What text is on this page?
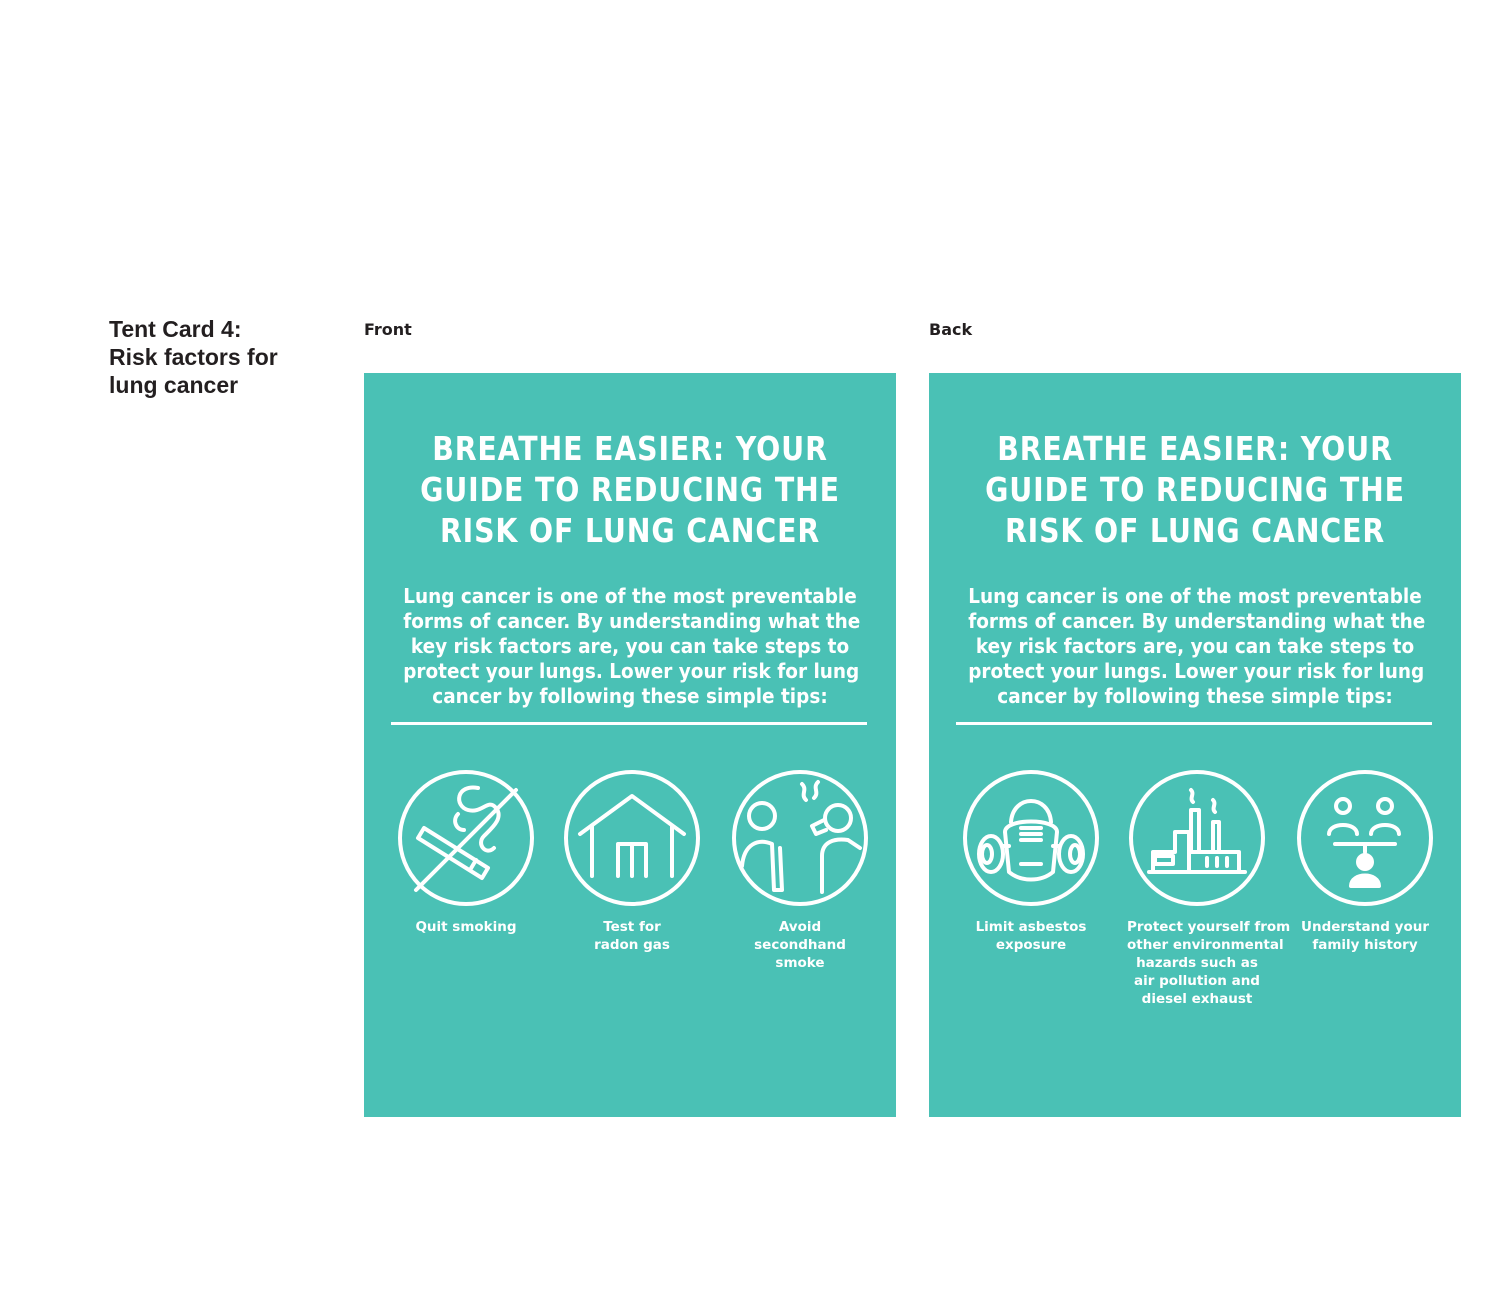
Tent Card 4:
Risk factors for
lung cancer
Front	Back
BREATHE EASIER: YOUR
GUIDE TO REDUCING THE
RISK OF LUNG CANCER

Lung cancer is one of the most preventable
forms of cancer. By understanding what the
key risk factors are, you can take steps to
protect your lungs. Lower your risk for lung
cancer by following these simple tips:

Quit smoking	Test for
radon gas
Avoid
secondhand
smoke
BREATHE EASIER: YOUR
GUIDE TO REDUCING THE
RISK OF LUNG CANCER

Lung cancer is one of the most preventable
forms of cancer. By understanding what the
key risk factors are, you can take steps to
protect your lungs. Lower your risk for lung
cancer by following these simple tips:

Limit asbestos
exposure
Protect yourself from
other environmental
hazards such as
air pollution and
diesel exhaust
Understand your
family history
